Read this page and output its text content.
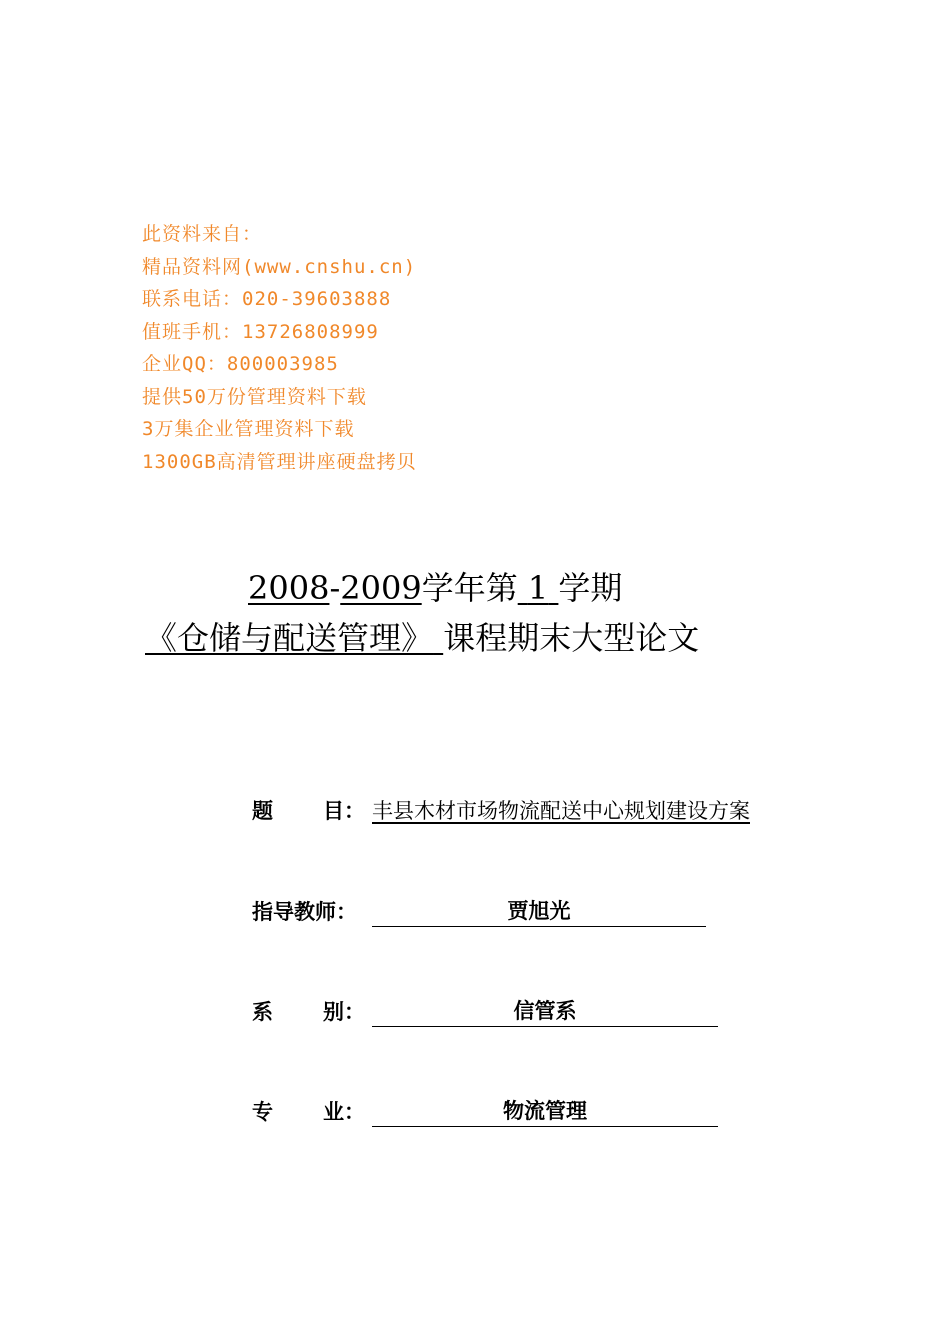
此资料来自：
精品资料网(www.cnshu.cn)
联系电话：020-39603888
值班手机：13726808999
企业QQ：800003985
提供50万份管理资料下载
3万集企业管理资料下载
1300GB高清管理讲座硬盘拷贝
2008-2009学年第 1 学期
《仓储与配送管理》 课程期末大型论文
题 目： 丰县木材市场物流配送中心规划建设方案
指导教师：	贾旭光
系 别：	信管系
专 业：	物流管理
